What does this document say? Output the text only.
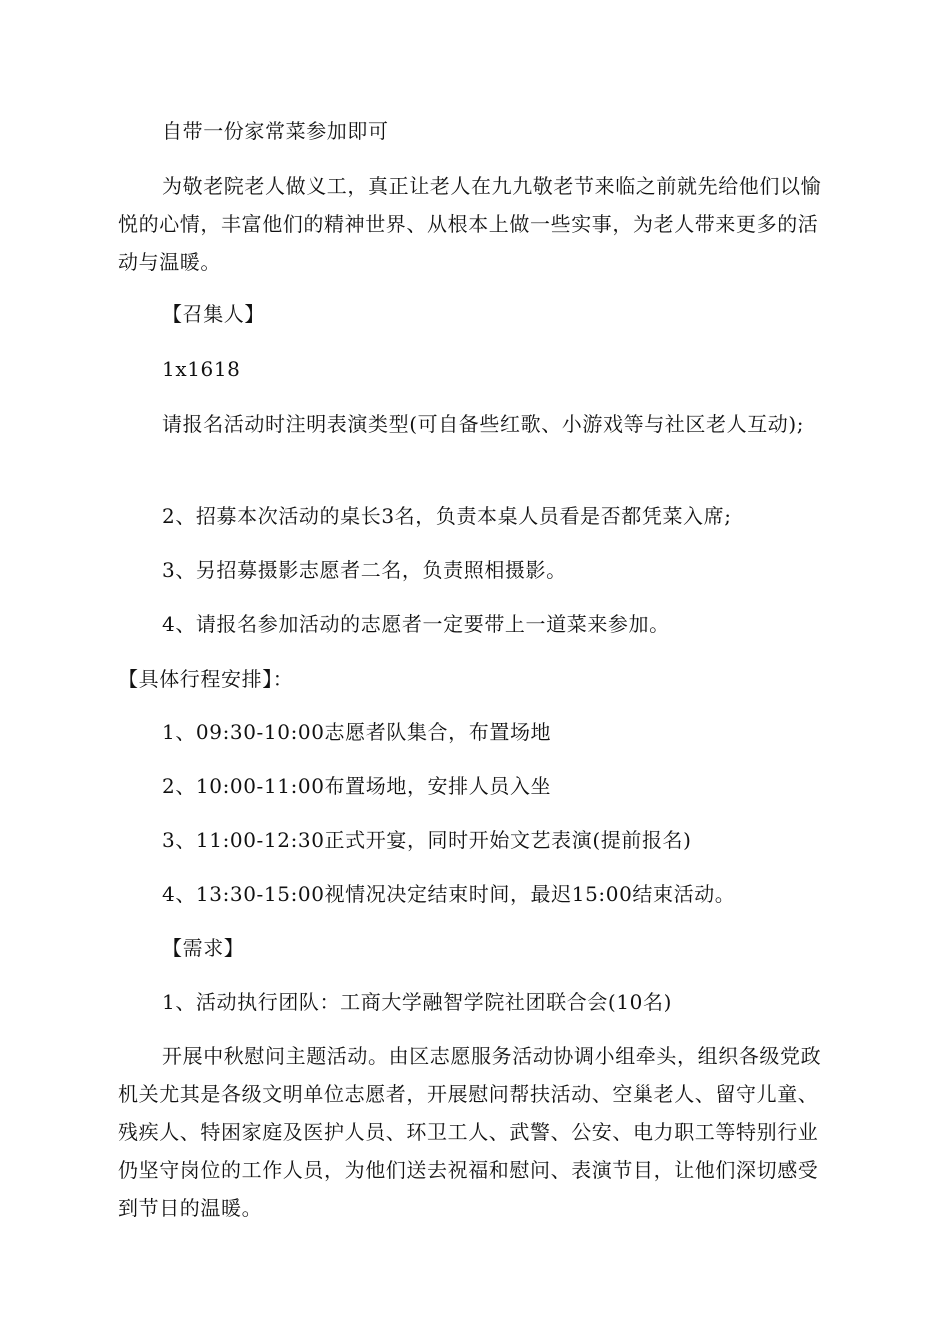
自带一份家常菜参加即可
为敬老院老人做义工，真正让老人在九九敬老节来临之前就先给他们以愉悦的心情，丰富他们的精神世界、从根本上做一些实事，为老人带来更多的活动与温暖。
【召集人】
1x1618
请报名活动时注明表演类型(可自备些红歌、小游戏等与社区老人互动);
2、招募本次活动的桌长3名，负责本桌人员看是否都凭菜入席;
3、另招募摄影志愿者二名，负责照相摄影。
4、请报名参加活动的志愿者一定要带上一道菜来参加。
【具体行程安排】：
1、09:30-10:00志愿者队集合，布置场地
2、10:00-11:00布置场地，安排人员入坐
3、11:00-12:30正式开宴，同时开始文艺表演(提前报名)
4、13:30-15:00视情况决定结束时间，最迟15:00结束活动。
【需求】
1、活动执行团队：工商大学融智学院社团联合会(10名)
开展中秋慰问主题活动。由区志愿服务活动协调小组牵头，组织各级党政机关尤其是各级文明单位志愿者，开展慰问帮扶活动、空巢老人、留守儿童、残疾人、特困家庭及医护人员、环卫工人、武警、公安、电力职工等特别行业仍坚守岗位的工作人员，为他们送去祝福和慰问、表演节目，让他们深切感受到节日的温暖。
